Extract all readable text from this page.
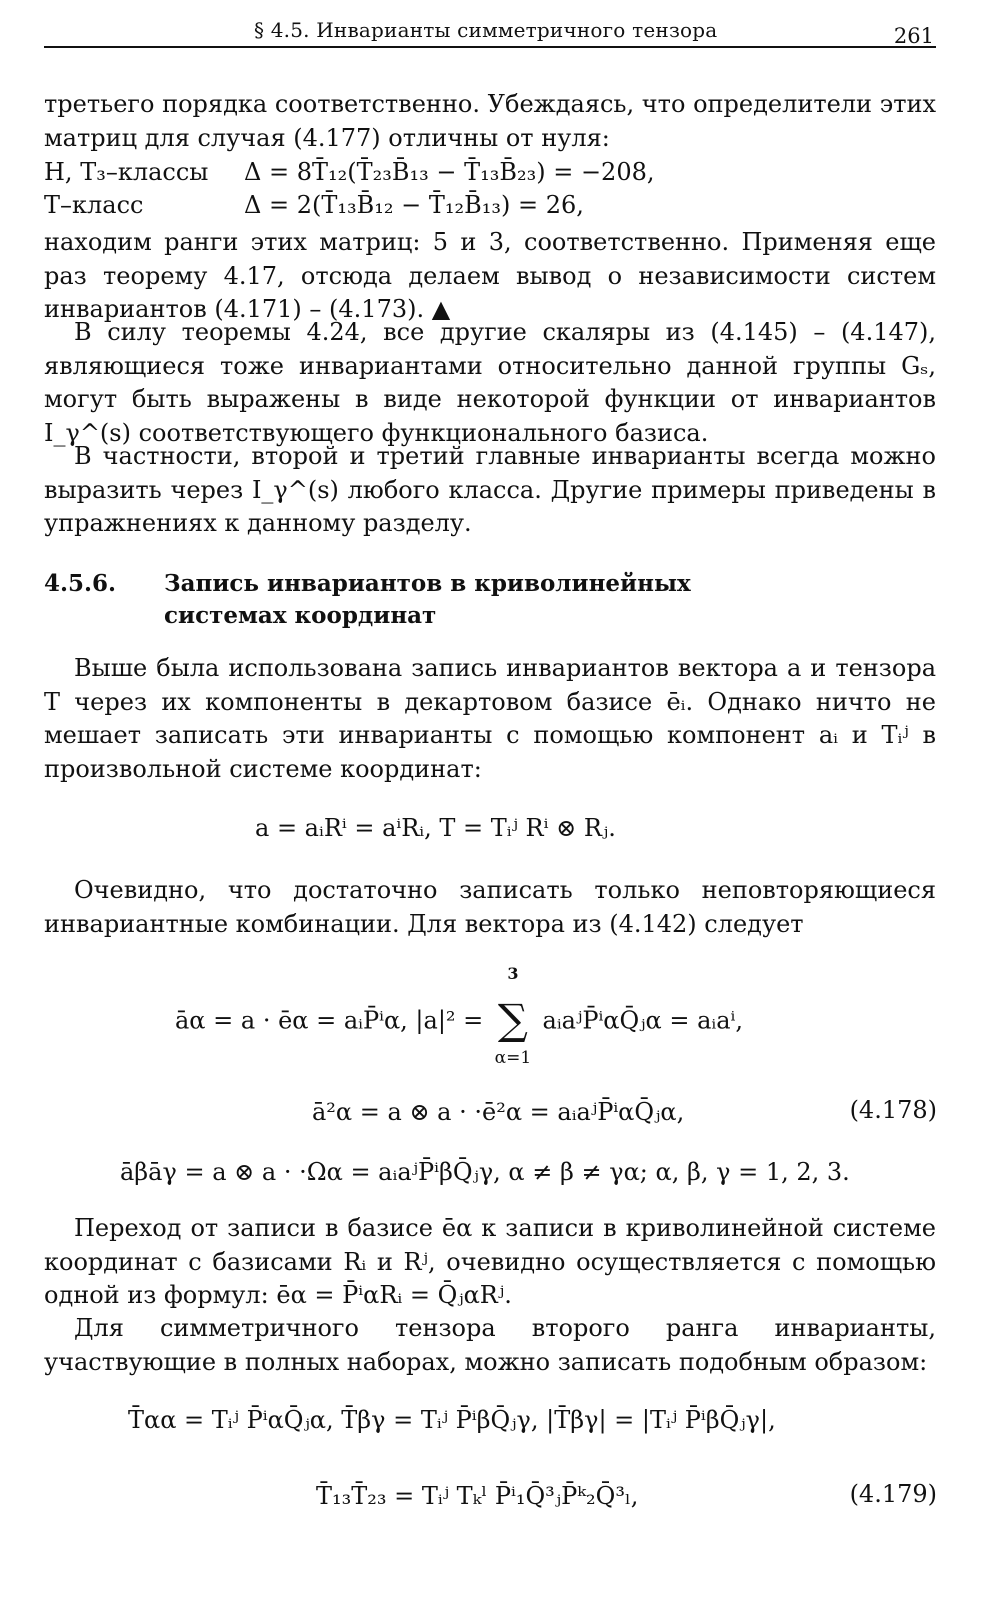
§ 4.5. Инварианты симметричного тензора	261

третьего порядка соответственно. Убеждаясь, что определители этих матриц для случая (4.177) отличны от нуля:

H, T₃–классы Δ = 8T̄₁₂(T̄₂₃B̄₁₃ − T̄₁₃B̄₂₃) = −208,
T–класс	Δ = 2(T̄₁₃B̄₁₂ − T̄₁₂B̄₁₃) = 26,

находим ранги этих матриц: 5 и 3, соответственно. Применяя еще раз теорему 4.17, отсюда делаем вывод о независимости систем инвариантов (4.171) – (4.173). ▲

В силу теоремы 4.24, все другие скаляры из (4.145) – (4.147), являющиеся тоже инвариантами относительно данной группы Gₛ, могут быть выражены в виде некоторой функции от инвариантов I_γ^(s) соответствующего функционального базиса.

В частности, второй и третий главные инварианты всегда можно выразить через I_γ^(s) любого класса. Другие примеры приведены в упражнениях к данному разделу.

4.5.6. Запись инвариантов в криволинейных системах координат

Выше была использована запись инвариантов вектора a и тензора T через их компоненты в декартовом базисе ēᵢ. Однако ничто не мешает записать эти инварианты с помощью компонент aᵢ и Tᵢʲ в произвольной системе координат:

a = aᵢRⁱ = aⁱRᵢ, T = Tᵢʲ Rⁱ ⊗ Rⱼ.

Очевидно, что достаточно записать только неповторяющиеся инвариантные комбинации. Для вектора из (4.142) следует

āα = a · ēα = aᵢP̄ⁱα, |a|² =
3
∑
α=1
aᵢaʲP̄ⁱαQ̄ⱼα = aᵢaⁱ,
ā²α = a ⊗ a · ·ē²α = aᵢaʲP̄ⁱαQ̄ⱼα,	(4.178)
āβāγ = a ⊗ a · ·Ωα = aᵢaʲP̄ⁱβQ̄ⱼγ, α ≠ β ≠ γα; α, β, γ = 1, 2, 3.

Переход от записи в базисе ēα к записи в криволинейной системе координат с базисами Rᵢ и Rʲ, очевидно осуществляется с помощью одной из формул: ēα = P̄ⁱαRᵢ = Q̄ⱼαRʲ.

Для симметричного тензора второго ранга инварианты, участвующие в полных наборах, можно записать подобным образом:

T̄αα = Tᵢʲ P̄ⁱαQ̄ⱼα, T̄βγ = Tᵢʲ P̄ⁱβQ̄ⱼγ, |T̄βγ| = |Tᵢʲ P̄ⁱβQ̄ⱼγ|,
T̄₁₃T̄₂₃ = Tᵢʲ Tₖˡ P̄ⁱ₁Q̄³ⱼP̄ᵏ₂Q̄³ₗ,	(4.179)
